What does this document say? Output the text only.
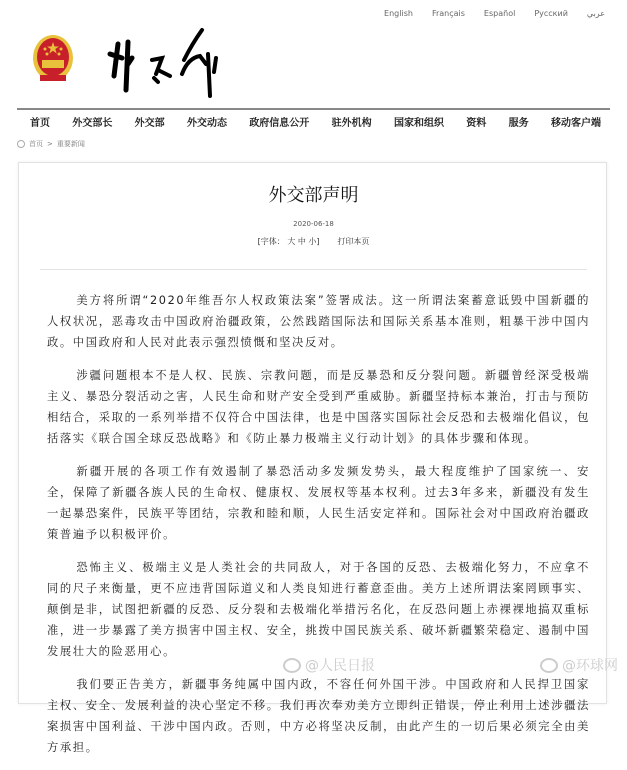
English Français Español Русский عربي
首页 外交部长 外交部 外交动态 政府信息公开 驻外机构 国家和组织 资料 服务 移动客户端
首页 > 重要新闻
外交部声明
2020-06-18
[字体： 大 中 小] 打印本页

美方将所谓“2020年维吾尔人权政策法案”签署成法。这一所谓法案蓄意诋毁中国新疆的人权状况，恶毒攻击中国政府治疆政策，公然践踏国际法和国际关系基本准则，粗暴干涉中国内政。中国政府和人民对此表示强烈愤慨和坚决反对。

涉疆问题根本不是人权、民族、宗教问题，而是反暴恐和反分裂问题。新疆曾经深受极端主义、暴恐分裂活动之害，人民生命和财产安全受到严重威胁。新疆坚持标本兼治，打击与预防相结合，采取的一系列举措不仅符合中国法律，也是中国落实国际社会反恐和去极端化倡议，包括落实《联合国全球反恐战略》和《防止暴力极端主义行动计划》的具体步骤和体现。

新疆开展的各项工作有效遏制了暴恐活动多发频发势头，最大程度维护了国家统一、安全，保障了新疆各族人民的生命权、健康权、发展权等基本权利。过去3年多来，新疆没有发生一起暴恐案件，民族平等团结，宗教和睦和顺，人民生活安定祥和。国际社会对中国政府治疆政策普遍予以积极评价。

恐怖主义、极端主义是人类社会的共同敌人，对于各国的反恐、去极端化努力，不应拿不同的尺子来衡量，更不应违背国际道义和人类良知进行蓄意歪曲。美方上述所谓法案罔顾事实、颠倒是非，试图把新疆的反恐、反分裂和去极端化举措污名化，在反恐问题上赤裸裸地搞双重标准，进一步暴露了美方损害中国主权、安全，挑拨中国民族关系、破坏新疆繁荣稳定、遏制中国发展壮大的险恶用心。

我们要正告美方，新疆事务纯属中国内政，不容任何外国干涉。中国政府和人民捍卫国家主权、安全、发展利益的决心坚定不移。我们再次奉劝美方立即纠正错误，停止利用上述涉疆法案损害中国利益、干涉中国内政。否则，中方必将坚决反制，由此产生的一切后果必须完全由美方承担。

@人民日报	@环球网
